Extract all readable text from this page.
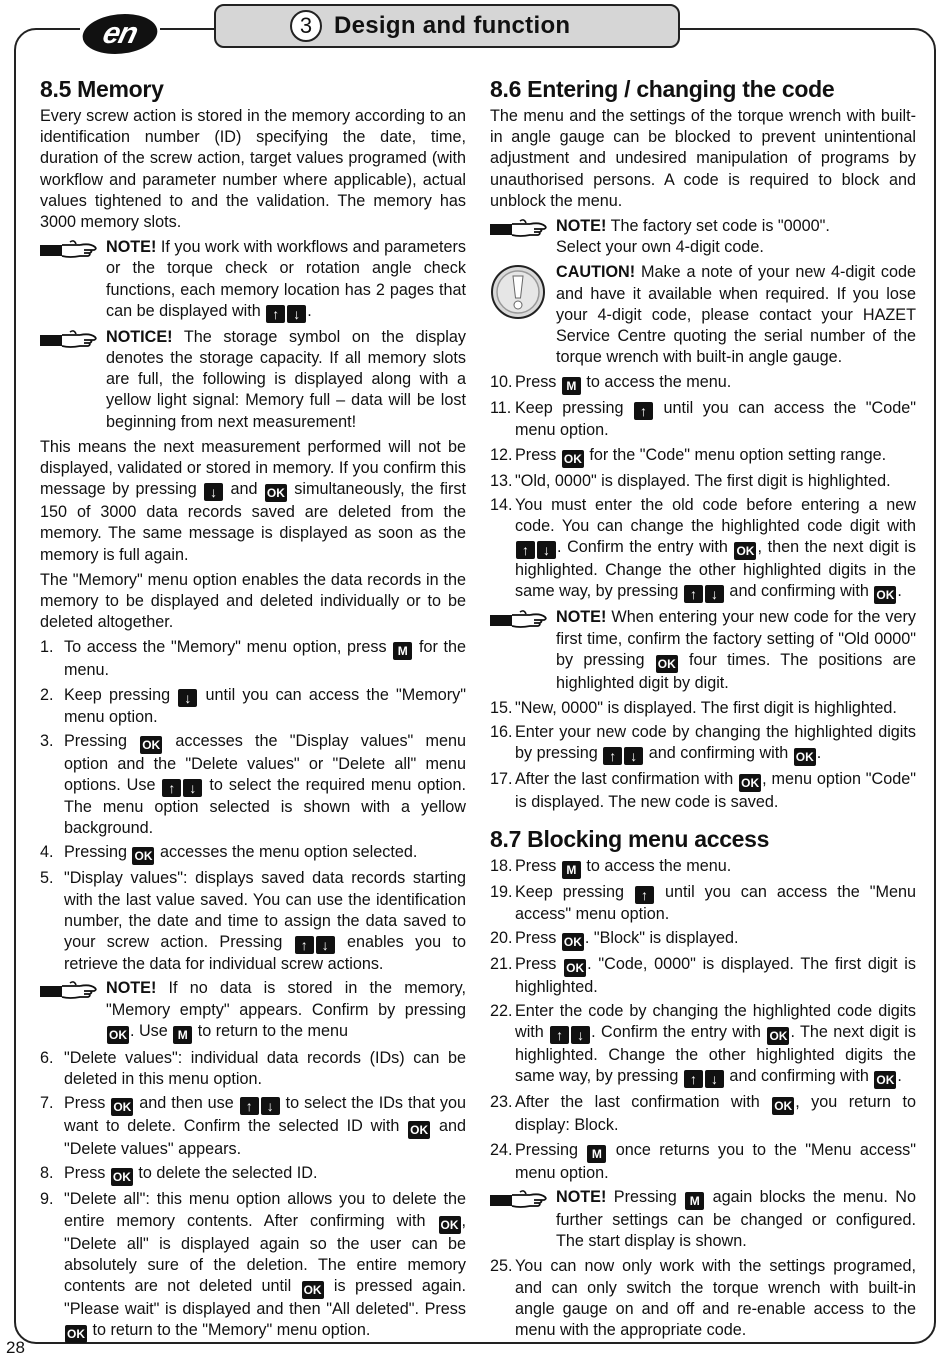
en	3 Design and function
8.5 Memory

Every screw action is stored in the memory according to an identification number (ID) specifying the date, time, duration of the screw action, target values programed (with workflow and parameter number where applicable), actual values tightened to and the validation. The memory has 3000 memory slots.

NOTE! If you work with workflows and parameters or the torque check or rotation angle check functions, each memory location has 2 pages that can be displayed with ↑ ↓ .
NOTICE! The storage symbol on the display denotes the storage capacity. If all memory slots are full, the following is displayed along with a yellow light signal: Memory full – data will be lost beginning from next measurement!

This means the next measurement performed will not be displayed, validated or stored in memory. If you confirm this message by pressing ↓ and OK simultaneously, the first 150 of 3000 data records saved are deleted from the memory. The same message is displayed as soon as the memory is full again.

The "Memory" menu option enables the data records in the memory to be displayed and deleted individually or to be deleted altogether.

1. To access the "Memory" menu option, press M for the menu.
2. Keep pressing ↓ until you can access the "Memory" menu option.
3. Pressing OK accesses the "Display values" menu option and the "Delete values" or "Delete all" menu options. Use ↑ ↓ to select the required menu option. The menu option selected is shown with a yellow background.
4. Pressing OK accesses the menu option selected.
5. "Display values": displays saved data records starting with the last value saved. You can use the identification number, the date and time to assign the data saved to your screw action. Pressing ↑ ↓ enables you to retrieve the data for individual screw actions.
NOTE! If no data is stored in the memory, "Memory empty" appears. Confirm by pressing OK . Use M to return to the menu
6. "Delete values": individual data records (IDs) can be deleted in this menu option.
7. Press OK and then use ↑ ↓ to select the IDs that you want to delete. Confirm the selected ID with OK and "Delete values" appears.
8. Press OK to delete the selected ID.
9. "Delete all": this menu option allows you to delete the entire memory contents. After confirming with OK , "Delete all" is displayed again so the user can be absolutely sure of the deletion. The entire memory contents are not deleted until OK is pressed again. "Please wait" is displayed and then "All deleted". Press OK to return to the "Memory" menu option.
8.6 Entering / changing the code

The menu and the settings of the torque wrench with built-in angle gauge can be blocked to prevent unintentional adjustment and undesired manipulation of programs by unauthorised persons. A code is required to block and unblock the menu.

NOTE! The factory set code is "0000".
Select your own 4-digit code.
CAUTION! Make a note of your new 4-digit code and have it available when required. If you lose your 4-digit code, please contact your HAZET Service Centre quoting the serial number of the torque wrench with built-in angle gauge.
10. Press M to access the menu.
11. Keep pressing ↑ until you can access the "Code" menu option.
12. Press OK for the "Code" menu option setting range.
13. "Old, 0000" is displayed. The first digit is highlighted.
14. You must enter the old code before entering a new code. You can change the highlighted code digit with ↑ ↓ . Confirm the entry with OK , then the next digit is highlighted. Change the other highlighted digits in the same way, by pressing ↑ ↓ and confirming with OK .
NOTE! When entering your new code for the very first time, confirm the factory setting of "Old 0000" by pressing OK four times. The positions are highlighted digit by digit.
15. "New, 0000" is displayed. The first digit is highlighted.
16. Enter your new code by changing the highlighted digits by pressing ↑ ↓ and confirming with OK .
17. After the last confirmation with OK , menu option "Code" is displayed. The new code is saved.
8.7 Blocking menu access
18. Press M to access the menu.
19. Keep pressing ↑ until you can access the "Menu access" menu option.
20. Press OK . "Block" is displayed.
21. Press OK . "Code, 0000" is displayed. The first digit is highlighted.
22. Enter the code by changing the highlighted code digits with ↑ ↓ . Confirm the entry with OK . The next digit is highlighted. Change the other highlighted digits the same way, by pressing ↑ ↓ and confirming with OK .
23. After the last confirmation with OK , you return to display: Block.
24. Pressing M once returns you to the "Menu access" menu option.
NOTE! Pressing M again blocks the menu. No further settings can be changed or configured. The start display is shown.
25. You can now only work with the settings programed, and can only switch the torque wrench with built-in angle gauge on and off and re-enable access to the menu with the appropriate code.
28
